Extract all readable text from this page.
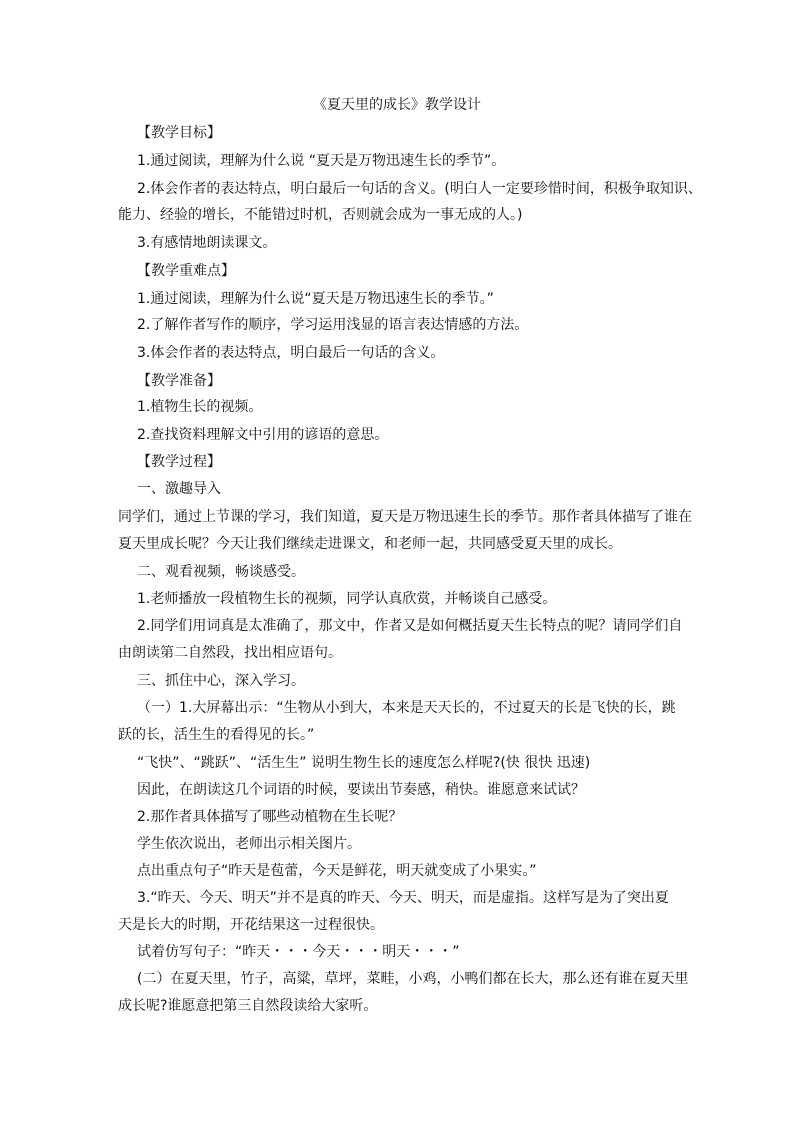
《夏天里的成长》教学设计
【教学目标】
1.通过阅读，理解为什么说 “夏天是万物迅速生长的季节”。
2.体会作者的表达特点，明白最后一句话的含义。(明白人一定要珍惜时间，积极争取知识、
能力、经验的增长，不能错过时机，否则就会成为一事无成的人。)
3.有感情地朗读课文。
【教学重难点】
1.通过阅读，理解为什么说“夏天是万物迅速生长的季节。”
2.了解作者写作的顺序，学习运用浅显的语言表达情感的方法。
3.体会作者的表达特点，明白最后一句话的含义。
【教学准备】
1.植物生长的视频。
2.查找资料理解文中引用的谚语的意思。
【教学过程】
一、激趣导入
同学们，通过上节课的学习，我们知道，夏天是万物迅速生长的季节。那作者具体描写了谁在
夏天里成长呢？今天让我们继续走进课文，和老师一起，共同感受夏天里的成长。
二、观看视频，畅谈感受。
1.老师播放一段植物生长的视频，同学认真欣赏，并畅谈自己感受。
2.同学们用词真是太准确了，那文中，作者又是如何概括夏天生长特点的呢？请同学们自
由朗读第二自然段，找出相应语句。
三、抓住中心，深入学习。
（一）1.大屏幕出示：“生物从小到大，本来是天天长的，不过夏天的长是飞快的长，跳
跃的长，活生生的看得见的长。”
“飞快”、“跳跃”、“活生生” 说明生物生长的速度怎么样呢?(快 很快 迅速)
因此，在朗读这几个词语的时候，要读出节奏感，稍快。谁愿意来试试？
2.那作者具体描写了哪些动植物在生长呢？
学生依次说出，老师出示相关图片。
点出重点句子“昨天是苞蕾，今天是鲜花，明天就变成了小果实。”
3.“昨天、今天、明天”并不是真的昨天、今天、明天，而是虚指。这样写是为了突出夏
天是长大的时期，开花结果这一过程很快。
试着仿写句子：“昨天・・・今天・・・明天・・・”
(二）在夏天里，竹子，高粱，草坪，菜畦，小鸡，小鸭们都在长大，那么还有谁在夏天里
成长呢?谁愿意把第三自然段读给大家听。
